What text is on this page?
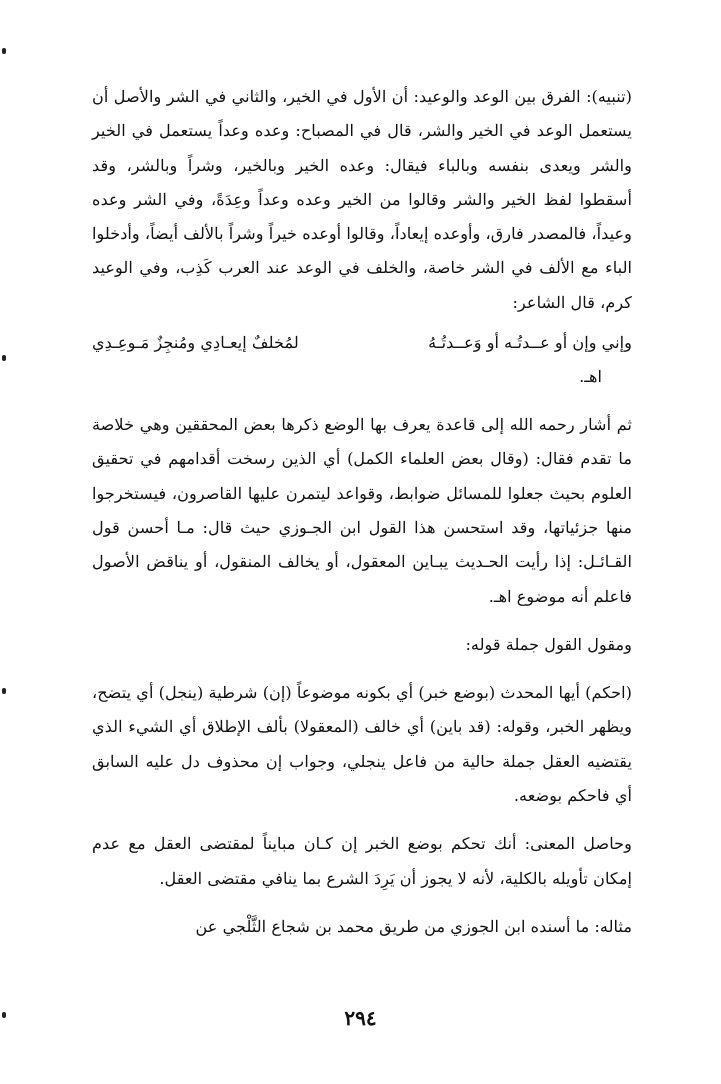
(تنبيه): الفرق بين الوعد والوعيد: أن الأول في الخير، والثاني في الشر والأصل أن يستعمل الوعد في الخير والشر، قال في المصباح: وعده وعداً يستعمل في الخير والشر ويعدى بنفسه وبالباء فيقال: وعده الخير وبالخير، وشراً وبالشر، وقد أسقطوا لفظ الخير والشر وقالوا من الخير وعده وعداً وعِدَةً، وفي الشر وعده وعيداً، فالمصدر فارق، وأوعده إيعاداً، وقالوا أوعده خيراً وشراً بالألف أيضاً، وأدخلوا الباء مع الألف في الشر خاصة، والخلف في الوعد عند العرب كَذِب، وفي الوعيد كرم، قال الشاعر:

وإني وإن أو عــدتُـه أو وَعــدتُـهُ
لمُخلفٌ إيعـادِي ومُنجِزٌ مَـوعِـدِي
اهـ.

ثم أشار رحمه الله إلى قاعدة يعرف بها الوضع ذكرها بعض المحققين وهي خلاصة ما تقدم فقال: (وقال بعض العلماء الكمل) أي الذين رسخت أقدامهم في تحقيق العلوم بحيث جعلوا للمسائل ضوابط، وقواعد ليتمرن عليها القاصرون، فيستخرجوا منها جزئياتها، وقد استحسن هذا القول ابن الجـوزي حيث قال: مـا أحسن قول القـائـل: إذا رأيت الحـديث يبـاين المعقول، أو يخالف المنقول، أو يناقض الأصول فاعلم أنه موضوع اهـ.

ومقول القول جملة قوله:

(احكم) أيها المحدث (بوضع خبر) أي بكونه موضوعاً (إن) شرطية (ينجل) أي يتضح، ويظهر الخبر، وقوله: (قد باين) أي خالف (المعقولا) بألف الإطلاق أي الشيء الذي يقتضيه العقل جملة حالية من فاعل ينجلي، وجواب إن محذوف دل عليه السابق أي فاحكم بوضعه.

وحاصل المعنى: أنك تحكم بوضع الخبر إن كـان مبايناً لمقتضى العقل مع عدم إمكان تأويله بالكلية، لأنه لا يجوز أن يَرِدَ الشرع بما ينافي مقتضى العقل.

مثاله: ما أسنده ابن الجوزي من طريق محمد بن شجاع الثَّلْجي عن

٢٩٤
